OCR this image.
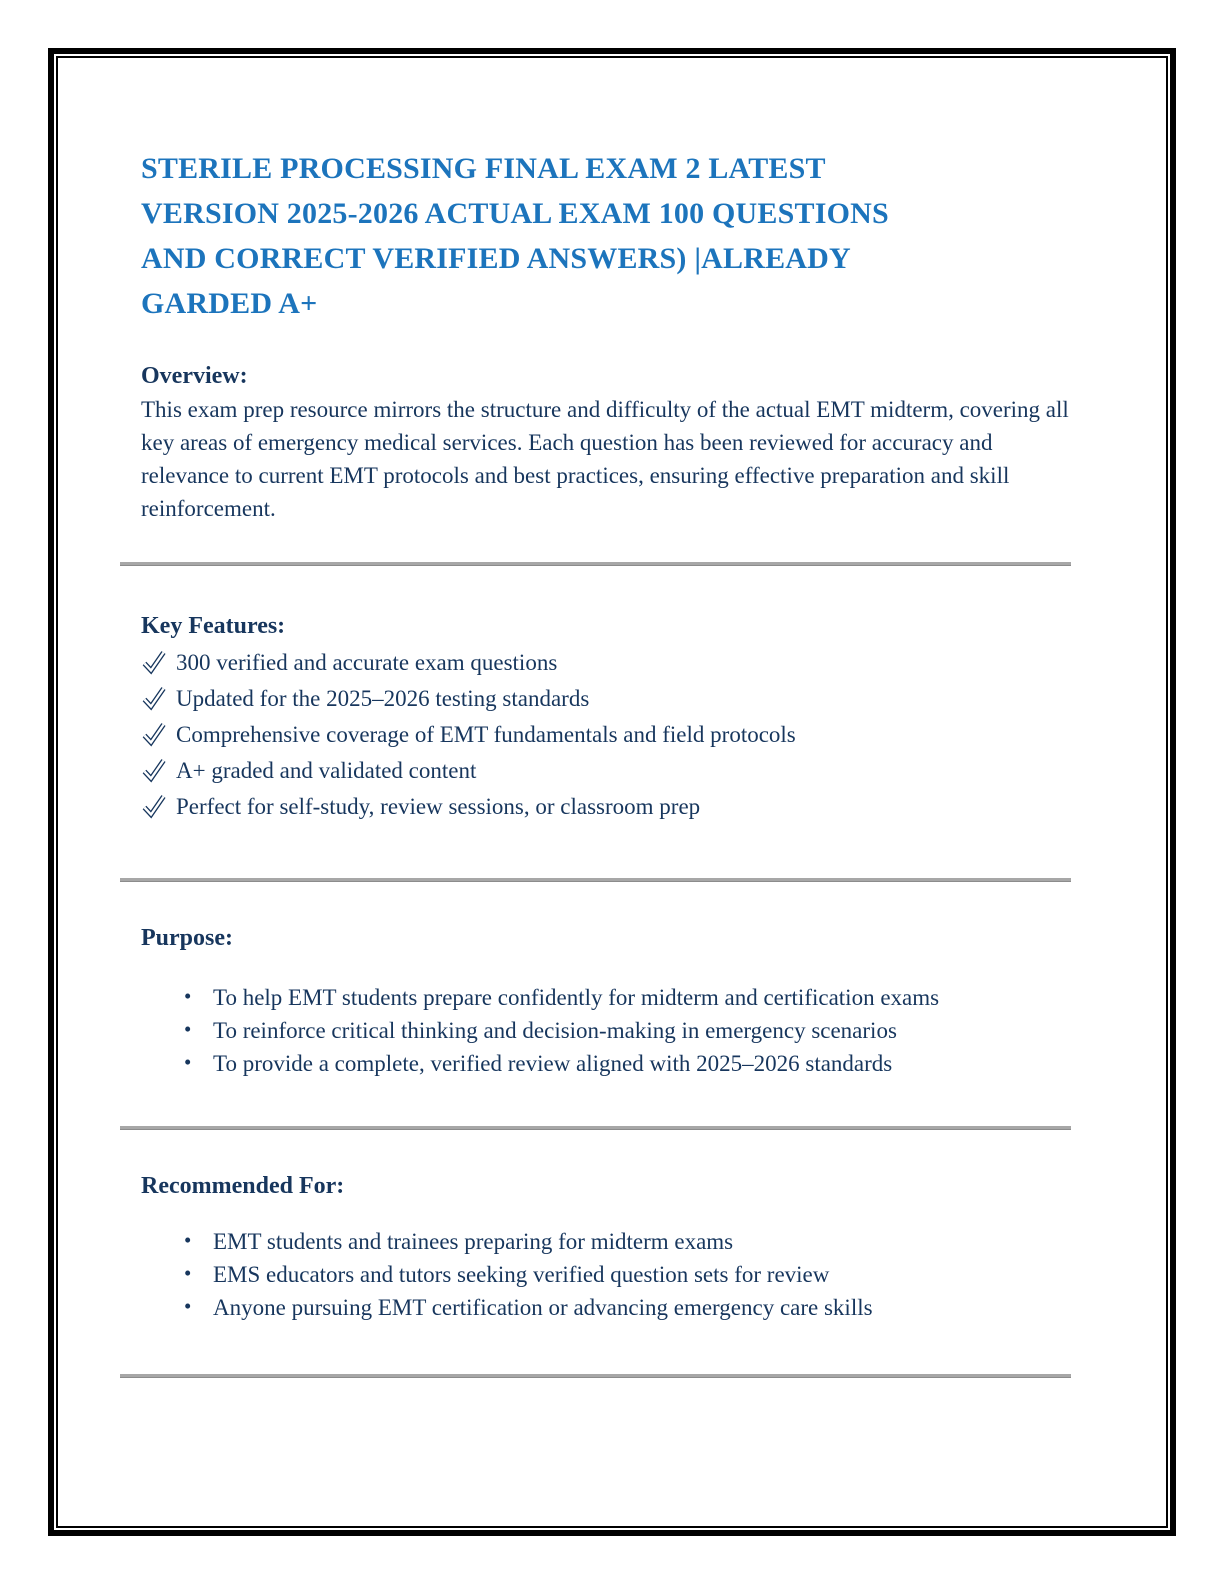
STERILE PROCESSING FINAL EXAM 2 LATEST
VERSION 2025-2026 ACTUAL EXAM 100 QUESTIONS
AND CORRECT VERIFIED ANSWERS) |ALREADY
GARDED A+
Overview:

This exam prep resource mirrors the structure and difficulty of the actual EMT midterm, covering all key areas of emergency medical services. Each question has been reviewed for accuracy and relevance to current EMT protocols and best practices, ensuring effective preparation and skill reinforcement.

Key Features:
300 verified and accurate exam questions
Updated for the 2025–2026 testing standards
Comprehensive coverage of EMT fundamentals and field protocols
A+ graded and validated content
Perfect for self-study, review sessions, or classroom prep
Purpose:
• To help EMT students prepare confidently for midterm and certification exams
• To reinforce critical thinking and decision-making in emergency scenarios
• To provide a complete, verified review aligned with 2025–2026 standards
Recommended For:
• EMT students and trainees preparing for midterm exams
• EMS educators and tutors seeking verified question sets for review
• Anyone pursuing EMT certification or advancing emergency care skills
